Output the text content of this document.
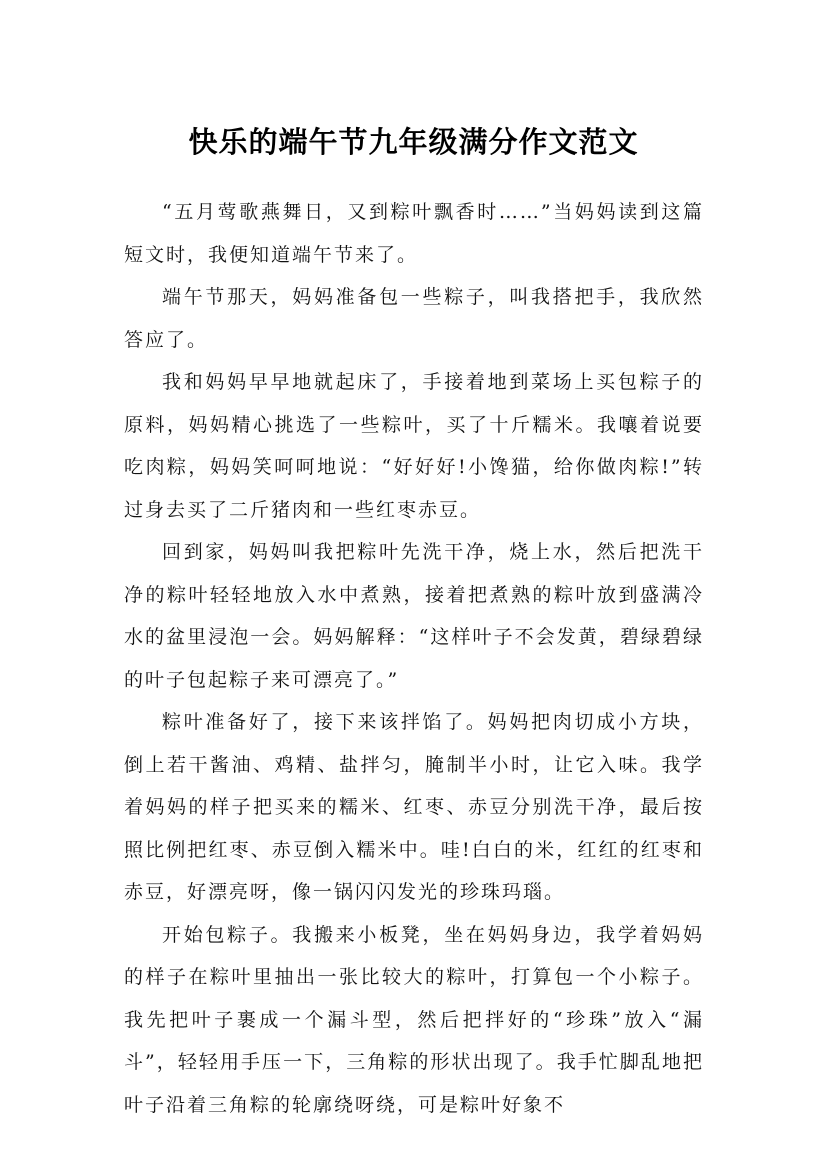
快乐的端午节九年级满分作文范文

“五月莺歌燕舞日，又到粽叶飘香时……”当妈妈读到这篇短文时，我便知道端午节来了。

端午节那天，妈妈准备包一些粽子，叫我搭把手，我欣然答应了。

我和妈妈早早地就起床了，手接着地到菜场上买包粽子的原料，妈妈精心挑选了一些粽叶，买了十斤糯米。我嚷着说要吃肉粽，妈妈笑呵呵地说：“好好好!小馋猫，给你做肉粽!”转过身去买了二斤猪肉和一些红枣赤豆。

回到家，妈妈叫我把粽叶先洗干净，烧上水，然后把洗干净的粽叶轻轻地放入水中煮熟，接着把煮熟的粽叶放到盛满冷水的盆里浸泡一会。妈妈解释：“这样叶子不会发黄，碧绿碧绿的叶子包起粽子来可漂亮了。”

粽叶准备好了，接下来该拌馅了。妈妈把肉切成小方块，倒上若干酱油、鸡精、盐拌匀，腌制半小时，让它入味。我学着妈妈的样子把买来的糯米、红枣、赤豆分别洗干净，最后按照比例把红枣、赤豆倒入糯米中。哇!白白的米，红红的红枣和赤豆，好漂亮呀，像一锅闪闪发光的珍珠玛瑙。

开始包粽子。我搬来小板凳，坐在妈妈身边，我学着妈妈的样子在粽叶里抽出一张比较大的粽叶，打算包一个小粽子。我先把叶子裹成一个漏斗型，然后把拌好的“珍珠”放入“漏斗”，轻轻用手压一下，三角粽的形状出现了。我手忙脚乱地把叶子沿着三角粽的轮廓绕呀绕，可是粽叶好象不
